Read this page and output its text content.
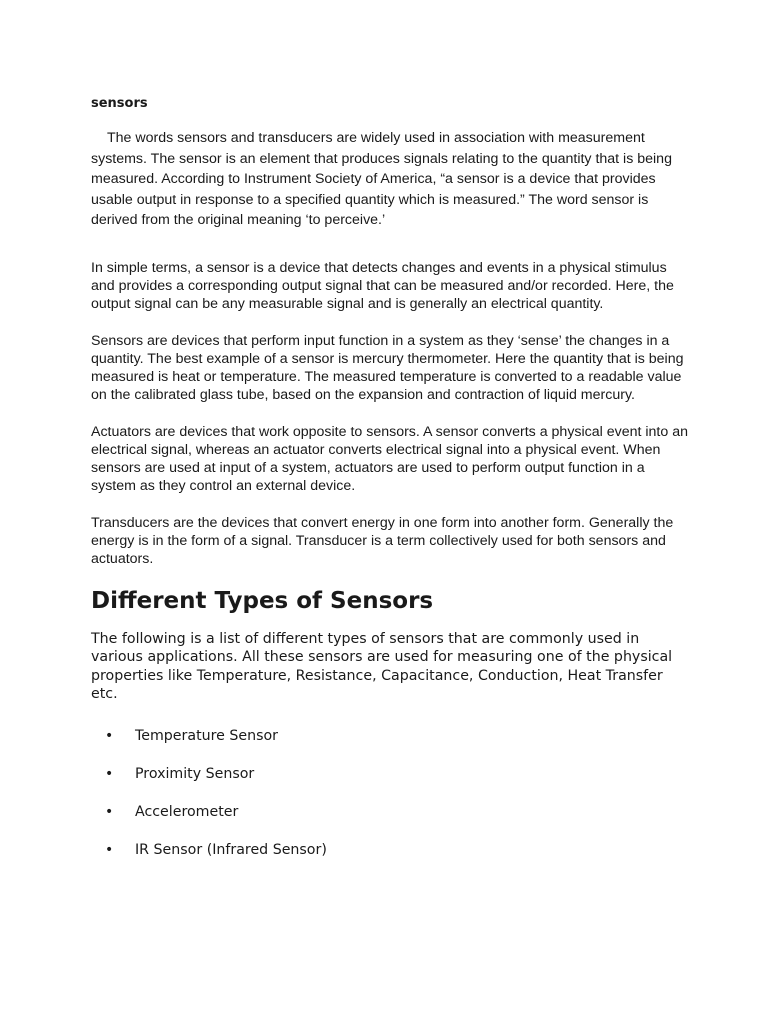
sensors

The words sensors and transducers are widely used in association with measurement systems. The sensor is an element that produces signals relating to the quantity that is being measured. According to Instrument Society of America, “a sensor is a device that provides usable output in response to a specified quantity which is measured.” The word sensor is derived from the original meaning ‘to perceive.’

In simple terms, a sensor is a device that detects changes and events in a physical stimulus and provides a corresponding output signal that can be measured and/or recorded. Here, the output signal can be any measurable signal and is generally an electrical quantity.

Sensors are devices that perform input function in a system as they ‘sense’ the changes in a quantity. The best example of a sensor is mercury thermometer. Here the quantity that is being measured is heat or temperature. The measured temperature is converted to a readable value on the calibrated glass tube, based on the expansion and contraction of liquid mercury.

Actuators are devices that work opposite to sensors. A sensor converts a physical event into an electrical signal, whereas an actuator converts electrical signal into a physical event. When sensors are used at input of a system, actuators are used to perform output function in a system as they control an external device.

Transducers are the devices that convert energy in one form into another form. Generally the energy is in the form of a signal. Transducer is a term collectively used for both sensors and actuators.

Different Types of Sensors

The following is a list of different types of sensors that are commonly used in various applications. All these sensors are used for measuring one of the physical properties like Temperature, Resistance, Capacitance, Conduction, Heat Transfer etc.

• Temperature Sensor
• Proximity Sensor
• Accelerometer
• IR Sensor (Infrared Sensor)
